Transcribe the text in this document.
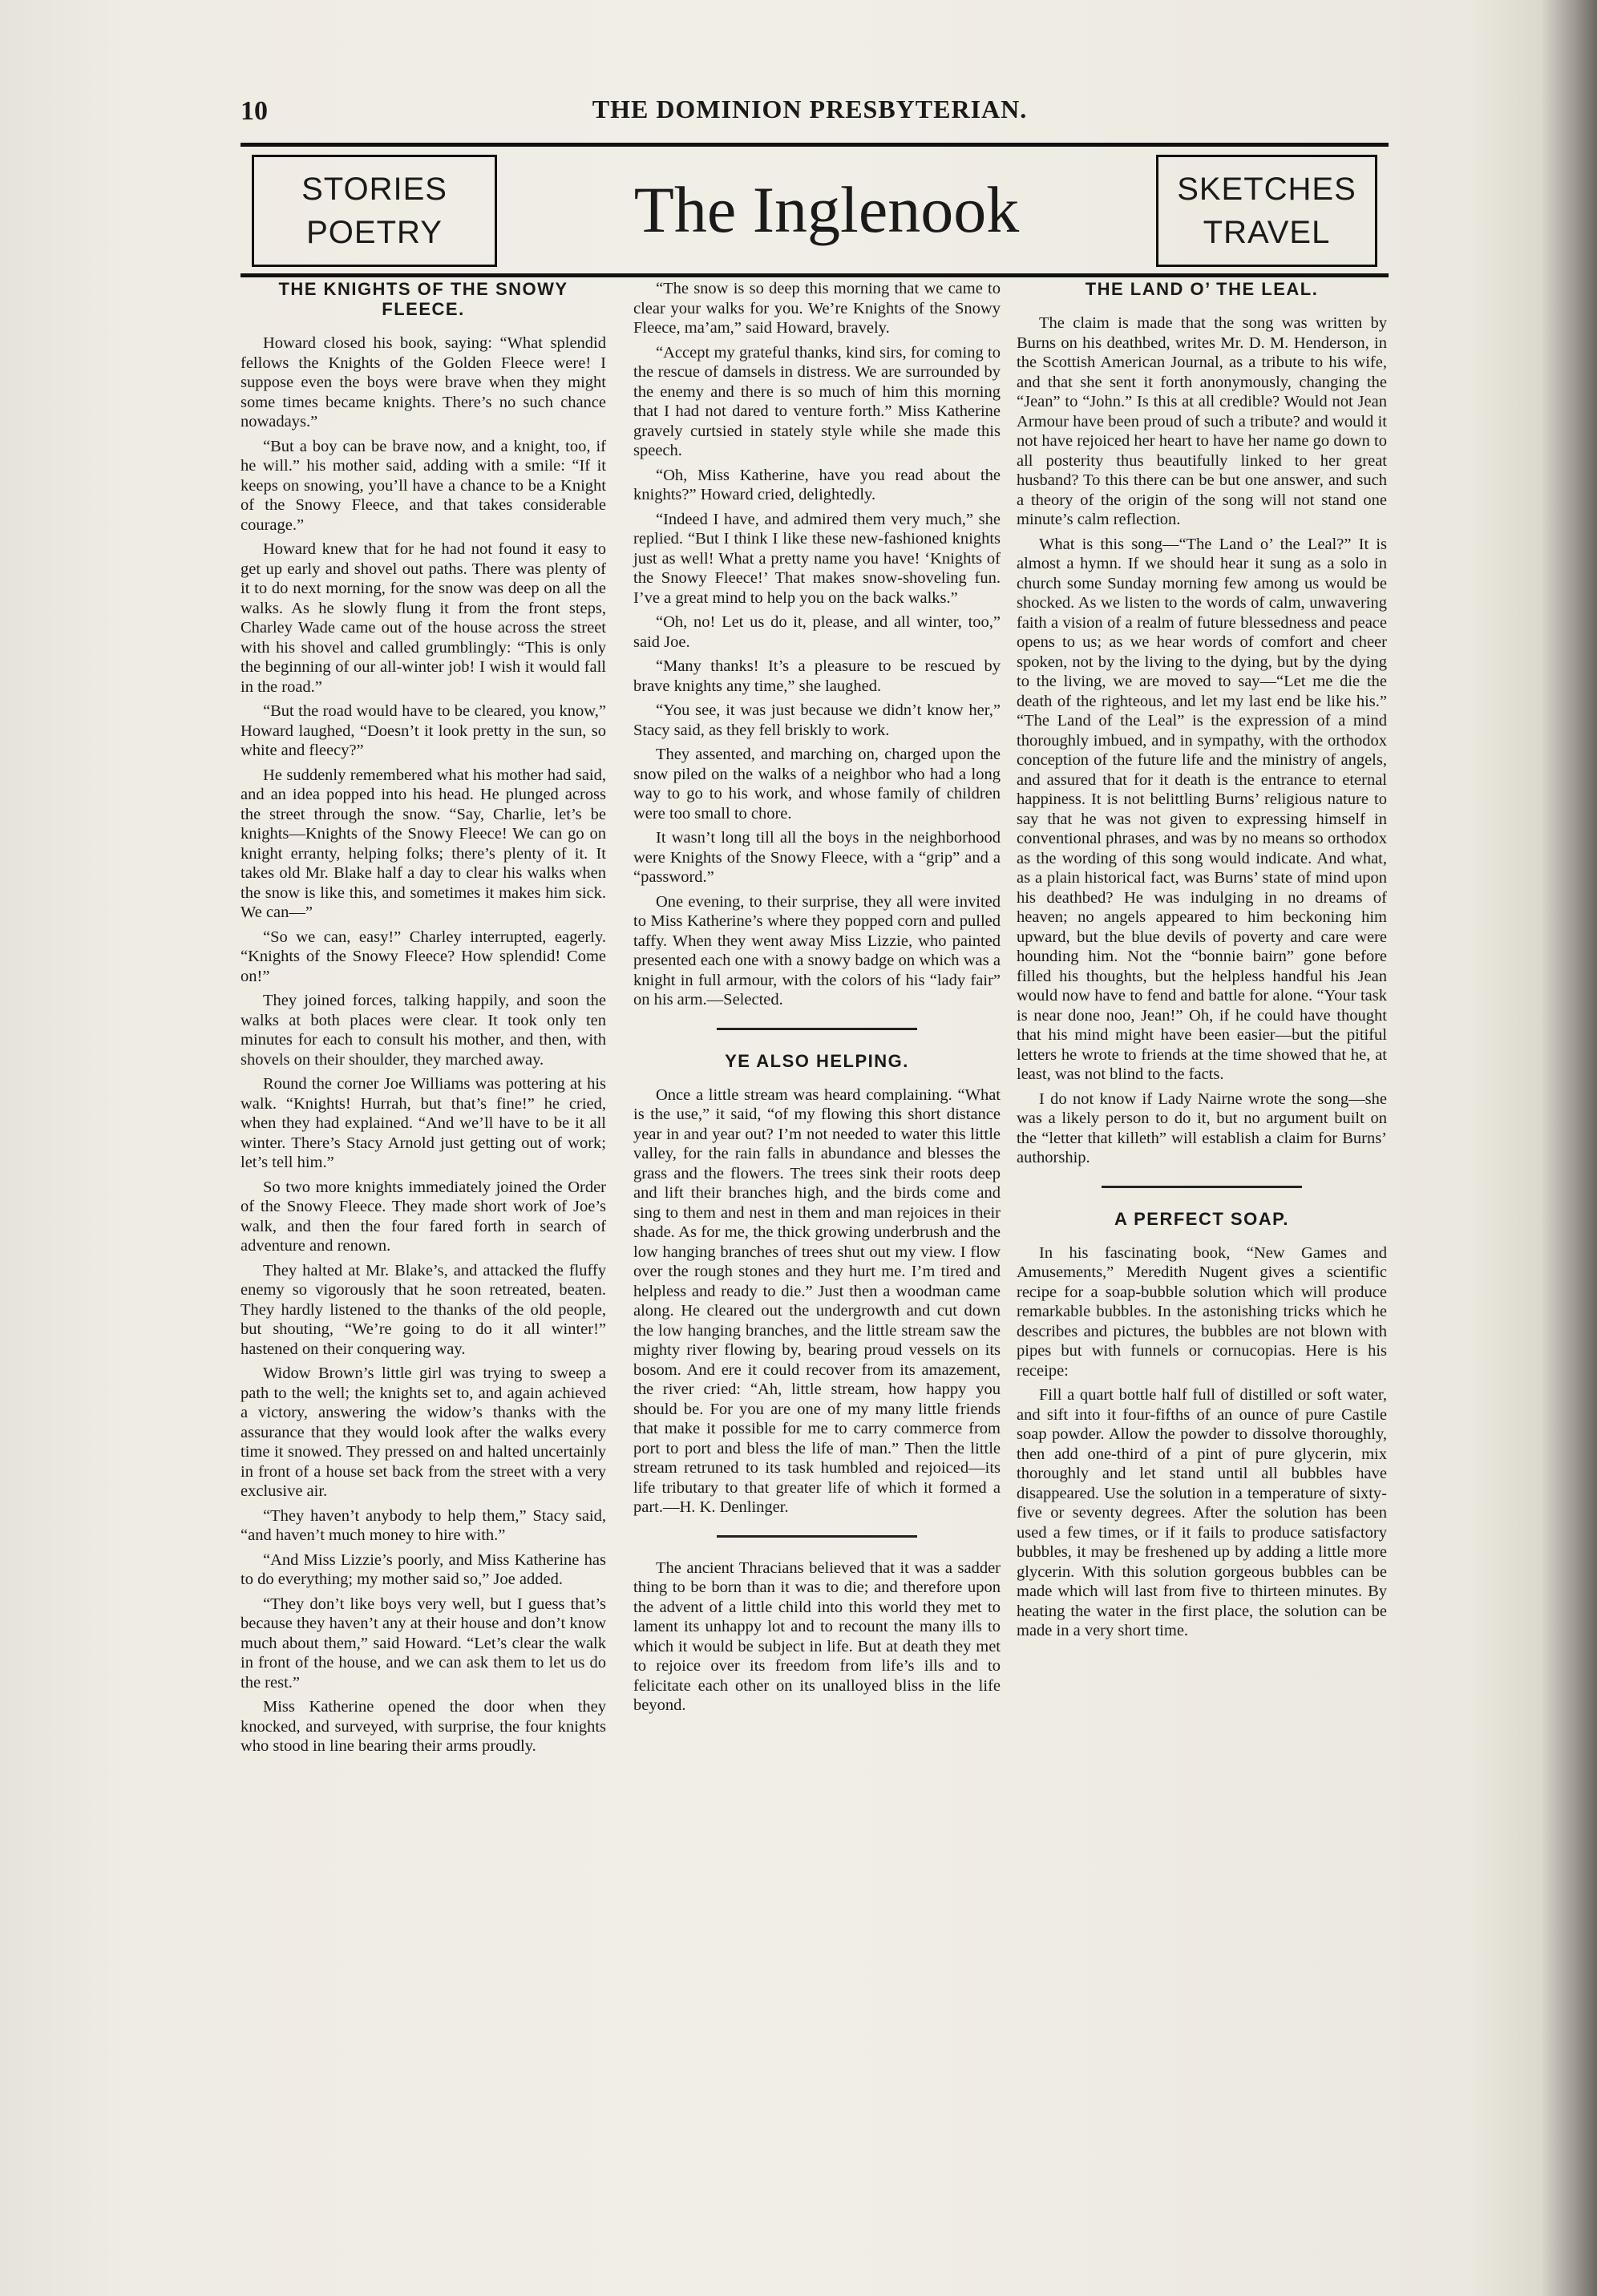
10	THE DOMINION PRESBYTERIAN.
STORIES
POETRY	The Inglenook	SKETCHES
TRAVEL
THE KNIGHTS OF THE SNOWY FLEECE.

Howard closed his book, saying: “What splendid fellows the Knights of the Golden Fleece were! I suppose even the boys were brave when they might some times became knights. There’s no such chance nowadays.”

“But a boy can be brave now, and a knight, too, if he will.” his mother said, adding with a smile: “If it keeps on snowing, you’ll have a chance to be a Knight of the Snowy Fleece, and that takes considerable courage.”

Howard knew that for he had not found it easy to get up early and shovel out paths. There was plenty of it to do next morning, for the snow was deep on all the walks. As he slowly flung it from the front steps, Charley Wade came out of the house across the street with his shovel and called grumblingly: “This is only the beginning of our all-winter job! I wish it would fall in the road.”

“But the road would have to be cleared, you know,” Howard laughed, “Doesn’t it look pretty in the sun, so white and fleecy?”

He suddenly remembered what his mother had said, and an idea popped into his head. He plunged across the street through the snow. “Say, Charlie, let’s be knights—Knights of the Snowy Fleece! We can go on knight erranty, helping folks; there’s plenty of it. It takes old Mr. Blake half a day to clear his walks when the snow is like this, and sometimes it makes him sick. We can—”

“So we can, easy!” Charley interrupted, eagerly. “Knights of the Snowy Fleece? How splendid! Come on!”

They joined forces, talking happily, and soon the walks at both places were clear. It took only ten minutes for each to consult his mother, and then, with shovels on their shoulder, they marched away.

Round the corner Joe Williams was pottering at his walk. “Knights! Hurrah, but that’s fine!” he cried, when they had explained. “And we’ll have to be it all winter. There’s Stacy Arnold just getting out of work; let’s tell him.”

So two more knights immediately joined the Order of the Snowy Fleece. They made short work of Joe’s walk, and then the four fared forth in search of adventure and renown.

They halted at Mr. Blake’s, and attacked the fluffy enemy so vigorously that he soon retreated, beaten. They hardly listened to the thanks of the old people, but shouting, “We’re going to do it all winter!” hastened on their conquering way.

Widow Brown’s little girl was trying to sweep a path to the well; the knights set to, and again achieved a victory, answering the widow’s thanks with the assurance that they would look after the walks every time it snowed. They pressed on and halted uncertainly in front of a house set back from the street with a very exclusive air.

“They haven’t anybody to help them,” Stacy said, “and haven’t much money to hire with.”

“And Miss Lizzie’s poorly, and Miss Katherine has to do everything; my mother said so,” Joe added.

“They don’t like boys very well, but I guess that’s because they haven’t any at their house and don’t know much about them,” said Howard. “Let’s clear the walk in front of the house, and we can ask them to let us do the rest.”

Miss Katherine opened the door when they knocked, and surveyed, with surprise, the four knights who stood in line bearing their arms proudly.

“The snow is so deep this morning that we came to clear your walks for you. We’re Knights of the Snowy Fleece, ma’am,” said Howard, bravely.

“Accept my grateful thanks, kind sirs, for coming to the rescue of damsels in distress. We are surrounded by the enemy and there is so much of him this morning that I had not dared to venture forth.” Miss Katherine gravely curtsied in stately style while she made this speech.

“Oh, Miss Katherine, have you read about the knights?” Howard cried, delightedly.

“Indeed I have, and admired them very much,” she replied. “But I think I like these new-fashioned knights just as well! What a pretty name you have! ‘Knights of the Snowy Fleece!’ That makes snow-shoveling fun. I’ve a great mind to help you on the back walks.”

“Oh, no! Let us do it, please, and all winter, too,” said Joe.

“Many thanks! It’s a pleasure to be rescued by brave knights any time,” she laughed.

“You see, it was just because we didn’t know her,” Stacy said, as they fell briskly to work.

They assented, and marching on, charged upon the snow piled on the walks of a neighbor who had a long way to go to his work, and whose family of children were too small to chore.

It wasn’t long till all the boys in the neighborhood were Knights of the Snowy Fleece, with a “grip” and a “password.”

One evening, to their surprise, they all were invited to Miss Katherine’s where they popped corn and pulled taffy. When they went away Miss Lizzie, who painted presented each one with a snowy badge on which was a knight in full armour, with the colors of his “lady fair” on his arm.—Selected.

YE ALSO HELPING.

Once a little stream was heard complaining. “What is the use,” it said, “of my flowing this short distance year in and year out? I’m not needed to water this little valley, for the rain falls in abundance and blesses the grass and the flowers. The trees sink their roots deep and lift their branches high, and the birds come and sing to them and nest in them and man rejoices in their shade. As for me, the thick growing underbrush and the low hanging branches of trees shut out my view. I flow over the rough stones and they hurt me. I’m tired and helpless and ready to die.” Just then a woodman came along. He cleared out the undergrowth and cut down the low hanging branches, and the little stream saw the mighty river flowing by, bearing proud vessels on its bosom. And ere it could recover from its amazement, the river cried: “Ah, little stream, how happy you should be. For you are one of my many little friends that make it possible for me to carry commerce from port to port and bless the life of man.” Then the little stream retruned to its task humbled and rejoiced—its life tributary to that greater life of which it formed a part.—H. K. Denlinger.

The ancient Thracians believed that it was a sadder thing to be born than it was to die; and therefore upon the advent of a little child into this world they met to lament its unhappy lot and to recount the many ills to which it would be subject in life. But at death they met to rejoice over its freedom from life’s ills and to felicitate each other on its unalloyed bliss in the life beyond.

THE LAND O’ THE LEAL.

The claim is made that the song was written by Burns on his deathbed, writes Mr. D. M. Henderson, in the Scottish American Journal, as a tribute to his wife, and that she sent it forth anonymously, changing the “Jean” to “John.” Is this at all credible? Would not Jean Armour have been proud of such a tribute? and would it not have rejoiced her heart to have her name go down to all posterity thus beautifully linked to her great husband? To this there can be but one answer, and such a theory of the origin of the song will not stand one minute’s calm reflection.

What is this song—“The Land o’ the Leal?” It is almost a hymn. If we should hear it sung as a solo in church some Sunday morning few among us would be shocked. As we listen to the words of calm, unwavering faith a vision of a realm of future blessedness and peace opens to us; as we hear words of comfort and cheer spoken, not by the living to the dying, but by the dying to the living, we are moved to say—“Let me die the death of the righteous, and let my last end be like his.” “The Land of the Leal” is the expression of a mind thoroughly imbued, and in sympathy, with the orthodox conception of the future life and the ministry of angels, and assured that for it death is the entrance to eternal happiness. It is not belittling Burns’ religious nature to say that he was not given to expressing himself in conventional phrases, and was by no means so orthodox as the wording of this song would indicate. And what, as a plain historical fact, was Burns’ state of mind upon his deathbed? He was indulging in no dreams of heaven; no angels appeared to him beckoning him upward, but the blue devils of poverty and care were hounding him. Not the “bonnie bairn” gone before filled his thoughts, but the helpless handful his Jean would now have to fend and battle for alone. “Your task is near done noo, Jean!” Oh, if he could have thought that his mind might have been easier—but the pitiful letters he wrote to friends at the time showed that he, at least, was not blind to the facts.

I do not know if Lady Nairne wrote the song—she was a likely person to do it, but no argument built on the “letter that killeth” will establish a claim for Burns’ authorship.

A PERFECT SOAP.

In his fascinating book, “New Games and Amusements,” Meredith Nugent gives a scientific recipe for a soap-bubble solution which will produce remarkable bubbles. In the astonishing tricks which he describes and pictures, the bubbles are not blown with pipes but with funnels or cornucopias. Here is his receipe:

Fill a quart bottle half full of distilled or soft water, and sift into it four-fifths of an ounce of pure Castile soap powder. Allow the powder to dissolve thoroughly, then add one-third of a pint of pure glycerin, mix thoroughly and let stand until all bubbles have disappeared. Use the solution in a temperature of sixty-five or seventy degrees. After the solution has been used a few times, or if it fails to produce satisfactory bubbles, it may be freshened up by adding a little more glycerin. With this solution gorgeous bubbles can be made which will last from five to thirteen minutes. By heating the water in the first place, the solution can be made in a very short time.
